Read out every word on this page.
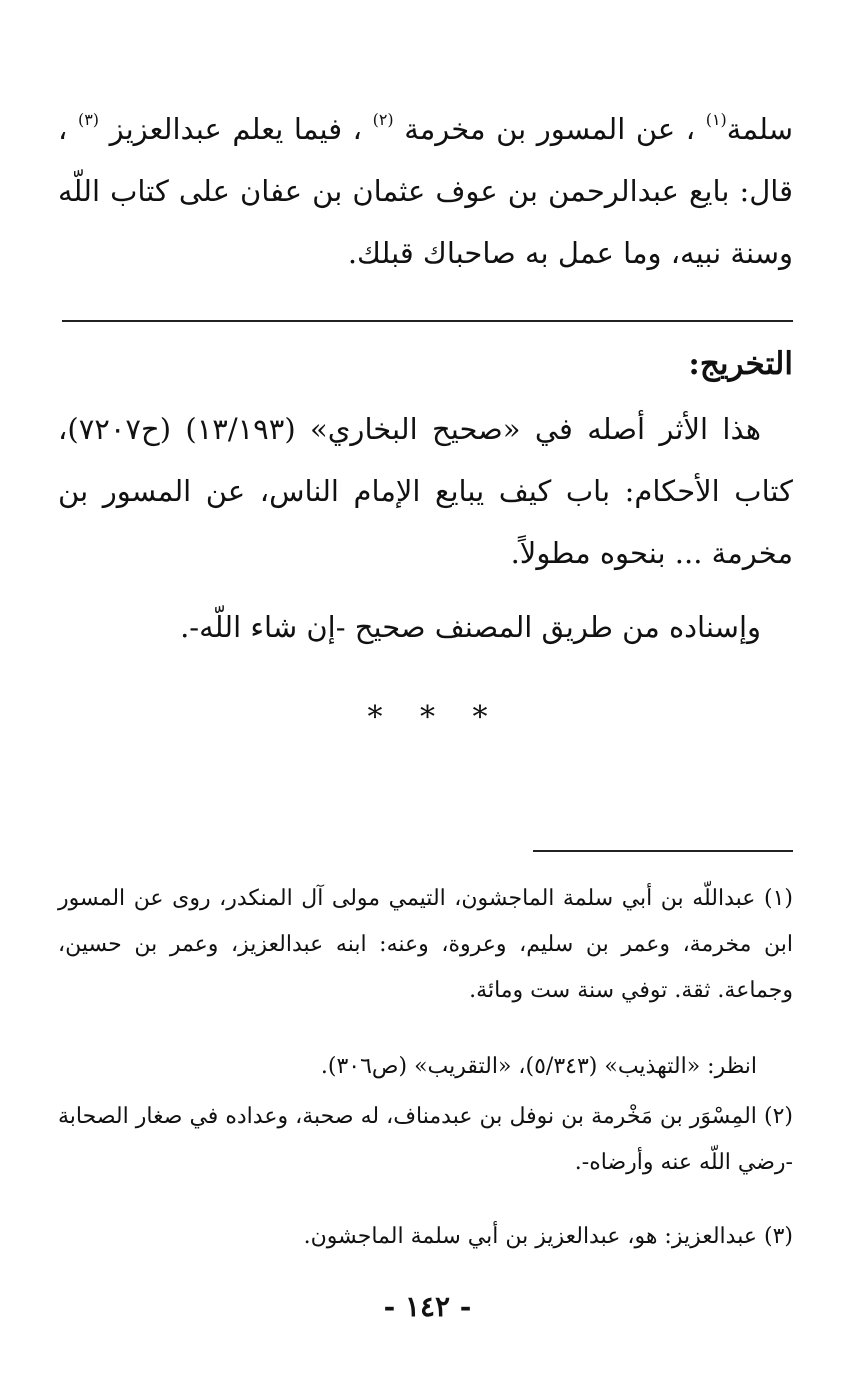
سلمة$^{(١)}$ ، عن المسور بن مخرمة $^{(٢)}$ ، فيما يعلم عبدالعزيز $^{(٣)}$ ، قال: بايع عبدالرحمن بن عوف عثمان بن عفان على كتاب اللّه وسنة نبيه، وما عمل به صاحباك قبلك.
التخريج:
هذا الأثر أصله في «صحيح البخاري» (١٣/١٩٣) (ح٧٢٠٧)، كتاب الأحكام: باب كيف يبايع الإمام الناس، عن المسور بن مخرمة ... بنحوه مطولاً.
وإسناده من طريق المصنف صحيح -إن شاء اللّه-.
* * *
(١) عبداللّه بن أبي سلمة الماجشون، التيمي مولى آل المنكدر، روى عن المسور ابن مخرمة، وعمر بن سليم، وعروة، وعنه: ابنه عبدالعزيز، وعمر بن حسين، وجماعة. ثقة. توفي سنة ست ومائة.
انظر: «التهذيب» (٥/٣٤٣)، «التقريب» (ص٣٠٦).
(٢) المِسْوَر بن مَخْرمة بن نوفل بن عبدمناف، له صحبة، وعداده في صغار الصحابة -رضي اللّه عنه وأرضاه-.
(٣) عبدالعزيز: هو، عبدالعزيز بن أبي سلمة الماجشون.
- ١٤٢ -
